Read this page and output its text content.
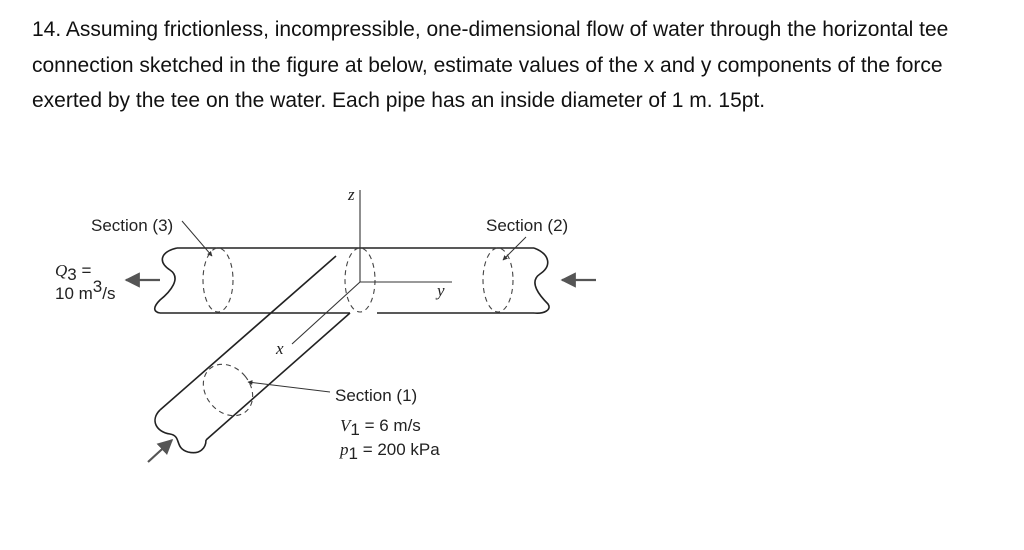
14. Assuming frictionless, incompressible, one-dimensional flow of water through the horizontal tee connection sketched in the figure at below, estimate values of the x and y components of the force exerted by the tee on the water. Each pipe has an inside diameter of 1 m. 15pt.

Section (3)	Section (2)
Section (1)
Q3 =
10 m3/s
V1 = 6 m/s
p1 = 200 kPa
z
y
x
